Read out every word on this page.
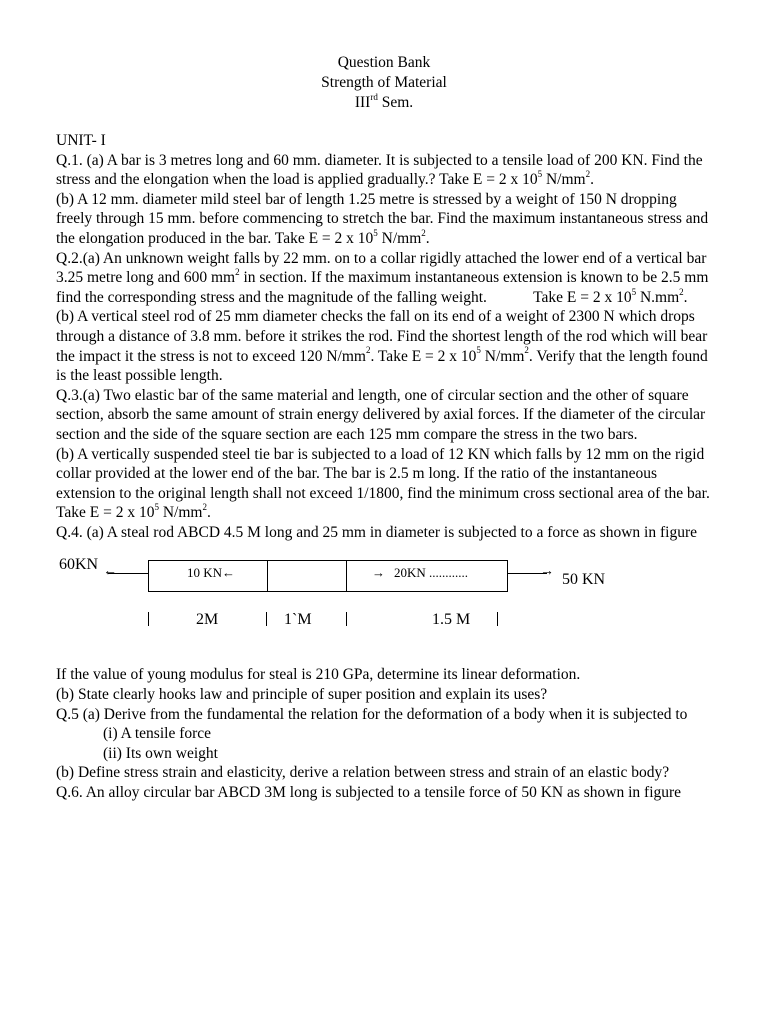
Question Bank
Strength of Material
IIIrd Sem.

UNIT- I

Q.1. (a) A bar is 3 metres long and 60 mm. diameter. It is subjected to a tensile load of 200 KN. Find the stress and the elongation when the load is applied gradually.? Take E = 2 x $10^5$ $N/mm^2$.

(b) A 12 mm. diameter mild steel bar of length 1.25 metre is stressed by a weight of 150 N dropping freely through 15 mm. before commencing to stretch the bar. Find the maximum instantaneous stress and the elongation produced in the bar. Take E = 2 x $10^5$ $N/mm^2$.

Q.2.(a) An unknown weight falls by 22 mm. on to a collar rigidly attached the lower end of a vertical bar 3.25 metre long and 600 $mm^2$ in section. If the maximum instantaneous extension is known to be 2.5 mm find the corresponding stress and the magnitude of the falling weight.            Take E = 2 x $10^5$ $N.mm^2$.

(b) A vertical steel rod of 25 mm diameter checks the fall on its end of a weight of 2300 N which drops through a distance of 3.8 mm. before it strikes the rod. Find the shortest length of the rod which will bear the impact it the stress is not to exceed 120 $N/mm^2$. Take E = 2 x $10^5$ $N/mm^2$. Verify that the length found is the least possible length.

Q.3.(a) Two elastic bar of the same material and length, one of circular section and the other of square section, absorb the same amount of strain energy delivered by axial forces. If the diameter of the circular section and the side of the square section are each 125 mm compare the stress in the two bars.

(b) A vertically suspended steel tie bar is subjected to a load of 12 KN which falls by 12 mm on the rigid collar provided at the lower end of the bar. The bar is 2.5 m long. If the ratio of the instantaneous extension to the original length shall not exceed 1/1800, find the minimum cross sectional area of the bar. Take E = 2 x $10^5$ $N/mm^2$.

Q.4. (a) A steal rod ABCD 4.5 M long and 25 mm in diameter is subjected to a force as shown in figure

60KN ←	10 KN←	→ 20KN ............	→ 50 KN
2M	1`M	1.5 M

If the value of young modulus for steal is 210 GPa, determine its linear deformation.

(b) State clearly hooks law and principle of super position and explain its uses?

Q.5 (a) Derive from the fundamental the relation for the deformation of a body when it is subjected to

(i) A tensile force

(ii) Its own weight

(b) Define stress strain and elasticity, derive a relation between stress and strain of an elastic body?

Q.6. An alloy circular bar ABCD 3M long is subjected to a tensile force of 50 KN as shown in figure
